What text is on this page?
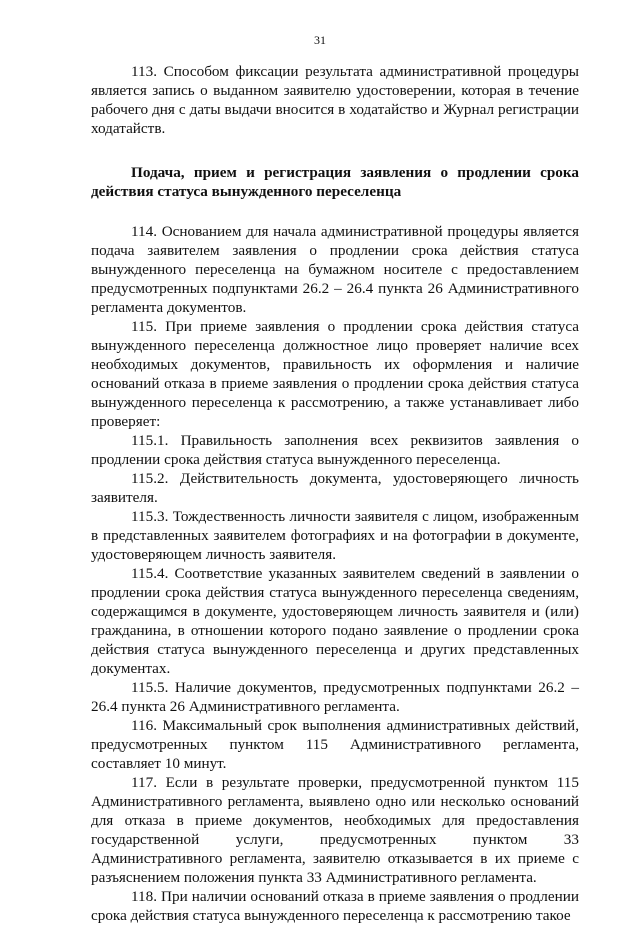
31

113. Способом фиксации результата административной процедуры является запись о выданном заявителю удостоверении, которая в течение рабочего дня с даты выдачи вносится в ходатайство и Журнал регистрации ходатайств.

Подача, прием и регистрация заявления о продлении срока действия статуса вынужденного переселенца

114. Основанием для начала административной процедуры является подача заявителем заявления о продлении срока действия статуса вынужденного переселенца на бумажном носителе с предоставлением предусмотренных подпунктами 26.2 – 26.4 пункта 26 Административного регламента документов.

115. При приеме заявления о продлении срока действия статуса вынужденного переселенца должностное лицо проверяет наличие всех необходимых документов, правильность их оформления и наличие оснований отказа в приеме заявления о продлении срока действия статуса вынужденного переселенца к рассмотрению, а также устанавливает либо проверяет:

115.1. Правильность заполнения всех реквизитов заявления о продлении срока действия статуса вынужденного переселенца.

115.2. Действительность документа, удостоверяющего личность заявителя.

115.3. Тождественность личности заявителя с лицом, изображенным в представленных заявителем фотографиях и на фотографии в документе, удостоверяющем личность заявителя.

115.4. Соответствие указанных заявителем сведений в заявлении о продлении срока действия статуса вынужденного переселенца сведениям, содержащимся в документе, удостоверяющем личность заявителя и (или) гражданина, в отношении которого подано заявление о продлении срока действия статуса вынужденного переселенца и других представленных документах.

115.5. Наличие документов, предусмотренных подпунктами 26.2 – 26.4 пункта 26 Административного регламента.

116. Максимальный срок выполнения административных действий, предусмотренных пунктом 115 Административного регламента, составляет 10 минут.

117. Если в результате проверки, предусмотренной пунктом 115 Административного регламента, выявлено одно или несколько оснований для отказа в приеме документов, необходимых для предоставления государственной услуги, предусмотренных пунктом 33 Административного регламента, заявителю отказывается в их приеме с разъяснением положения пункта 33 Административного регламента.

118. При наличии оснований отказа в приеме заявления о продлении срока действия статуса вынужденного переселенца к рассмотрению такое
